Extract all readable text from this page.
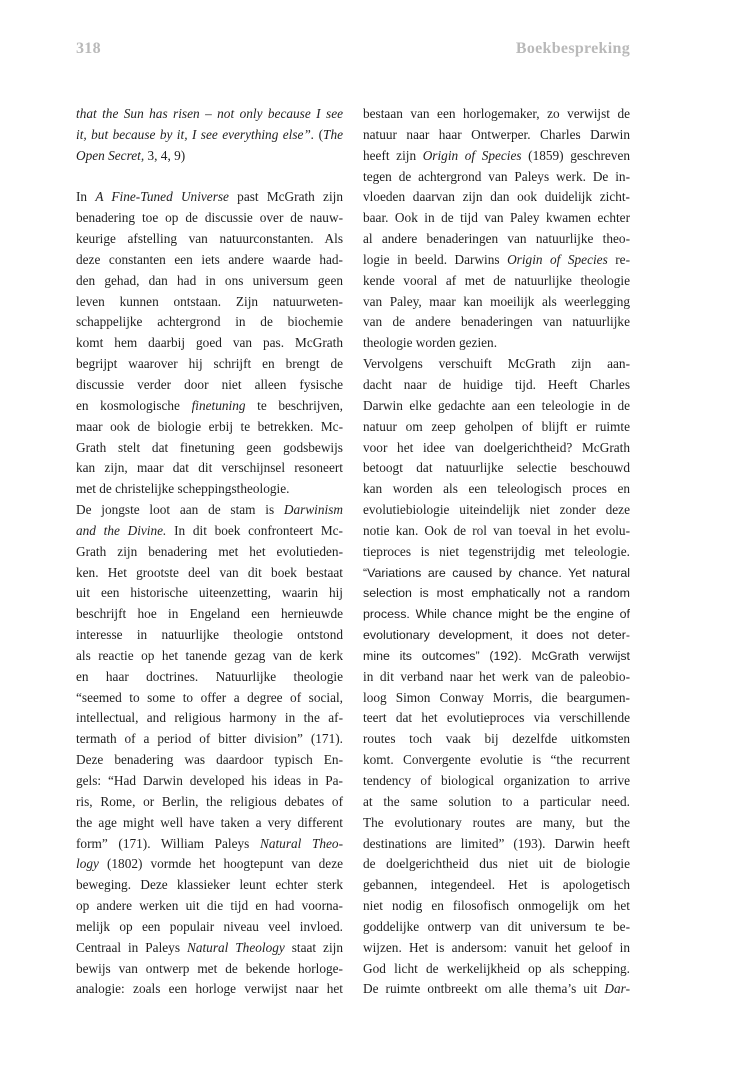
318	Boekbespreking
that the Sun has risen – not only because I see
it, but because by it, I see everything else”. (The
Open Secret, 3, 4, 9)
In A Fine-Tuned Universe past McGrath zijn
benadering toe op de discussie over de nauw-
keurige afstelling van natuurconstanten. Als
deze constanten een iets andere waarde had-
den gehad, dan had in ons universum geen
leven kunnen ontstaan. Zijn natuurweten-
schappelijke achtergrond in de biochemie
komt hem daarbij goed van pas. McGrath
begrijpt waarover hij schrijft en brengt de
discussie verder door niet alleen fysische
en kosmologische finetuning te beschrijven,
maar ook de biologie erbij te betrekken. Mc-
Grath stelt dat finetuning geen godsbewijs
kan zijn, maar dat dit verschijnsel resoneert
met de christelijke scheppingstheologie.
De jongste loot aan de stam is Darwinism
and the Divine. In dit boek confronteert Mc-
Grath zijn benadering met het evolutieden-
ken. Het grootste deel van dit boek bestaat
uit een historische uiteenzetting, waarin hij
beschrijft hoe in Engeland een hernieuwde
interesse in natuurlijke theologie ontstond
als reactie op het tanende gezag van de kerk
en haar doctrines. Natuurlijke theologie
“seemed to some to offer a degree of social,
intellectual, and religious harmony in the af-
termath of a period of bitter division” (171).
Deze benadering was daardoor typisch En-
gels: “Had Darwin developed his ideas in Pa-
ris, Rome, or Berlin, the religious debates of
the age might well have taken a very different
form” (171). William Paleys Natural Theo-
logy (1802) vormde het hoogtepunt van deze
beweging. Deze klassieker leunt echter sterk
op andere werken uit die tijd en had voorna-
melijk op een populair niveau veel invloed.
Centraal in Paleys Natural Theology staat zijn
bewijs van ontwerp met de bekende horloge-
analogie: zoals een horloge verwijst naar het
bestaan van een horlogemaker, zo verwijst de
natuur naar haar Ontwerper. Charles Darwin
heeft zijn Origin of Species (1859) geschreven
tegen de achtergrond van Paleys werk. De in-
vloeden daarvan zijn dan ook duidelijk zicht-
baar. Ook in de tijd van Paley kwamen echter
al andere benaderingen van natuurlijke theo-
logie in beeld. Darwins Origin of Species re-
kende vooral af met de natuurlijke theologie
van Paley, maar kan moeilijk als weerlegging
van de andere benaderingen van natuurlijke
theologie worden gezien.
Vervolgens verschuift McGrath zijn aan-
dacht naar de huidige tijd. Heeft Charles
Darwin elke gedachte aan een teleologie in de
natuur om zeep geholpen of blijft er ruimte
voor het idee van doelgerichtheid? McGrath
betoogt dat natuurlijke selectie beschouwd
kan worden als een teleologisch proces en
evolutiebiologie uiteindelijk niet zonder deze
notie kan. Ook de rol van toeval in het evolu-
tieproces is niet tegenstrijdig met teleologie.
“Variations are caused by chance. Yet natural
selection is most emphatically not a random
process. While chance might be the engine of
evolutionary development, it does not deter-
mine its outcomes” (192). McGrath verwijst
in dit verband naar het werk van de paleobio-
loog Simon Conway Morris, die beargumen-
teert dat het evolutieproces via verschillende
routes toch vaak bij dezelfde uitkomsten
komt. Convergente evolutie is “the recurrent
tendency of biological organization to arrive
at the same solution to a particular need.
The evolutionary routes are many, but the
destinations are limited” (193). Darwin heeft
de doelgerichtheid dus niet uit de biologie
gebannen, integendeel. Het is apologetisch
niet nodig en filosofisch onmogelijk om het
goddelijke ontwerp van dit universum te be-
wijzen. Het is andersom: vanuit het geloof in
God licht de werkelijkheid op als schepping.
De ruimte ontbreekt om alle thema’s uit Dar-
